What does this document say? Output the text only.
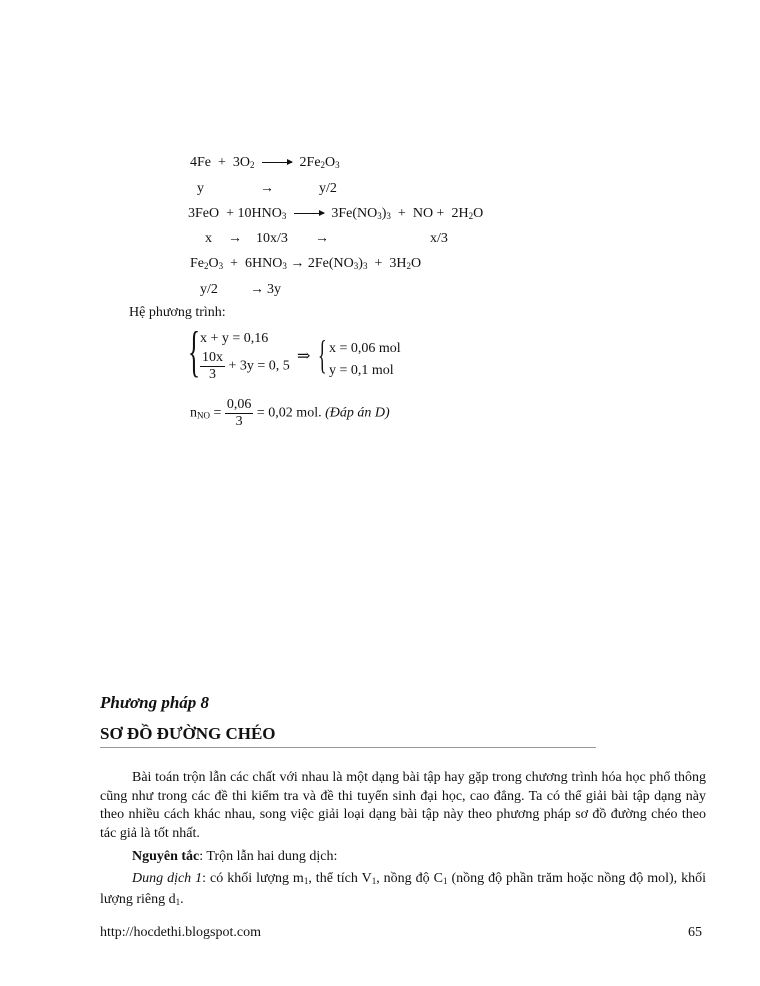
$4Fe + 3O_2$	$2Fe_2O_3$
y	→	y/2
$3FeO + 10HNO_3$	$3Fe(NO_3)_3$ + NO + $2H_2O$
x → 10x/3 →	x/3
$Fe_2O_3 + 6HNO_3 \to 2Fe(NO_3)_3 + 3H_2O$
y/2 → 3y
Hệ phương trình:
{ x + y = 0,16
$\frac{10x}{3} + 3y = 0$, 5
⇒ { x = 0,06 mol
y = 0,1 mol
$n_{NO} = \frac{0,06}{3} = 0,02$ mol. (Đáp án D)
Phương pháp 8
SƠ ĐỒ ĐƯỜNG CHÉO

Bài toán trộn lẫn các chất với nhau là một dạng bài tập hay gặp trong chương trình hóa học phổ thông cũng như trong các đề thi kiểm tra và đề thi tuyển sinh đại học, cao đẳng. Ta có thể giải bài tập dạng này theo nhiều cách khác nhau, song việc giải loại dạng bài tập này theo phương pháp sơ đồ đường chéo theo tác giả là tốt nhất.

Nguyên tắc: Trộn lẫn hai dung dịch:

Dung dịch 1: có khối lượng $m_1$, thể tích $V_1$, nồng độ $C_1$ (nồng độ phần trăm hoặc nồng độ mol), khối lượng riêng $d_1$.

http://hocdethi.blogspot.com	65
